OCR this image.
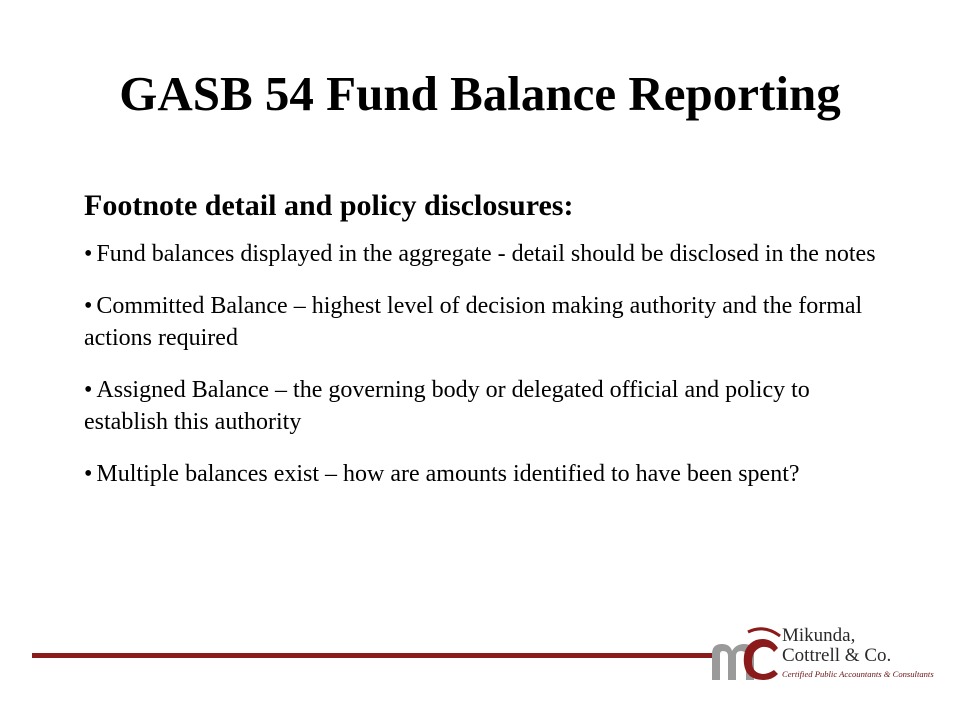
GASB 54 Fund Balance Reporting
Footnote detail and policy disclosures:
• Fund balances displayed in the aggregate - detail should be disclosed in the notes
• Committed Balance – highest level of decision making authority and the formal actions required
• Assigned Balance – the governing body or delegated official and policy to establish this authority
• Multiple balances exist – how are amounts identified to have been spent?
Mikunda,
Cottrell & Co.
Certified Public Accountants & Consultants
